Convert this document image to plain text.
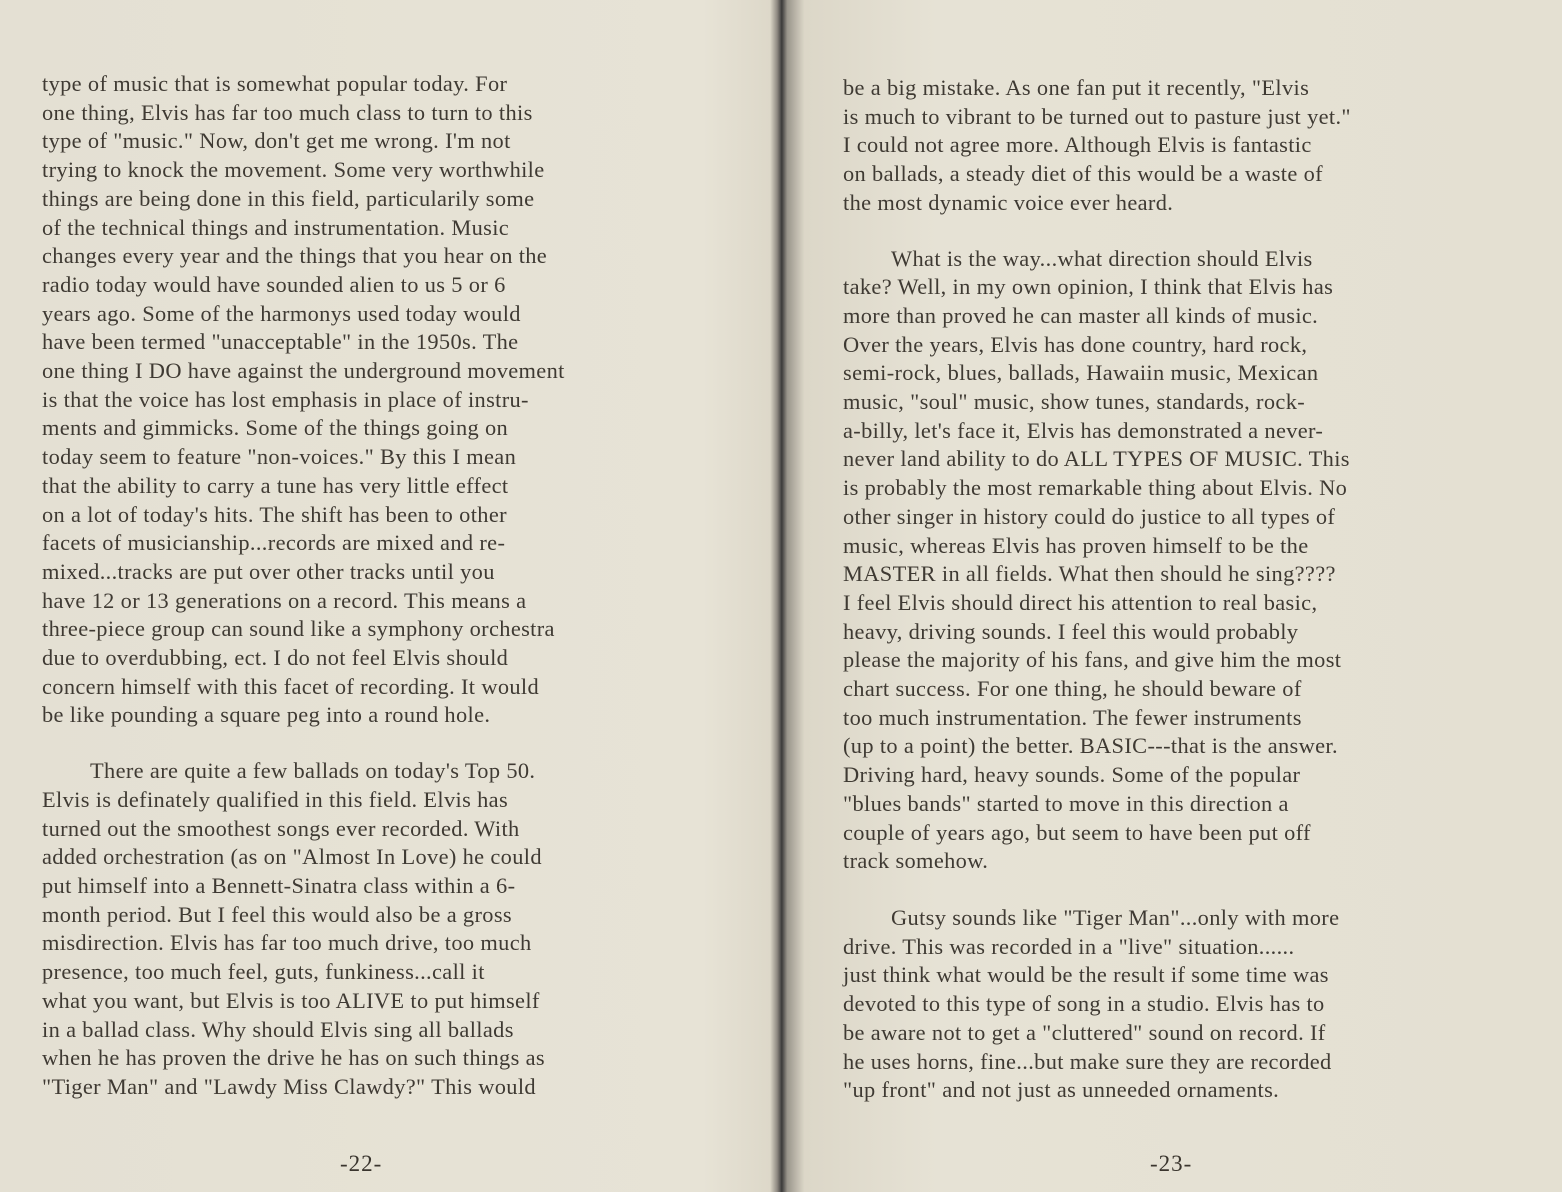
type of music that is somewhat popular today. For
one thing, Elvis has far too much class to turn to this
type of "music." Now, don't get me wrong. I'm not
trying to knock the movement. Some very worthwhile
things are being done in this field, particularily some
of the technical things and instrumentation. Music
changes every year and the things that you hear on the
radio today would have sounded alien to us 5 or 6
years ago. Some of the harmonys used today would
have been termed "unacceptable" in the 1950s. The
one thing I DO have against the underground movement
is that the voice has lost emphasis in place of instru-
ments and gimmicks. Some of the things going on
today seem to feature "non-voices." By this I mean
that the ability to carry a tune has very little effect
on a lot of today's hits. The shift has been to other
facets of musicianship...records are mixed and re-
mixed...tracks are put over other tracks until you
have 12 or 13 generations on a record. This means a
three-piece group can sound like a symphony orchestra
due to overdubbing, ect. I do not feel Elvis should
concern himself with this facet of recording. It would
be like pounding a square peg into a round hole.
There are quite a few ballads on today's Top 50.
Elvis is definately qualified in this field. Elvis has
turned out the smoothest songs ever recorded. With
added orchestration (as on "Almost In Love) he could
put himself into a Bennett-Sinatra class within a 6-
month period. But I feel this would also be a gross
misdirection. Elvis has far too much drive, too much
presence, too much feel, guts, funkiness...call it
what you want, but Elvis is too ALIVE to put himself
in a ballad class. Why should Elvis sing all ballads
when he has proven the drive he has on such things as
"Tiger Man" and "Lawdy Miss Clawdy?" This would
-22-
be a big mistake. As one fan put it recently, "Elvis
is much to vibrant to be turned out to pasture just yet."
I could not agree more. Although Elvis is fantastic
on ballads, a steady diet of this would be a waste of
the most dynamic voice ever heard.
What is the way...what direction should Elvis
take? Well, in my own opinion, I think that Elvis has
more than proved he can master all kinds of music.
Over the years, Elvis has done country, hard rock,
semi-rock, blues, ballads, Hawaiin music, Mexican
music, "soul" music, show tunes, standards, rock-
a-billy, let's face it, Elvis has demonstrated a never-
never land ability to do ALL TYPES OF MUSIC. This
is probably the most remarkable thing about Elvis. No
other singer in history could do justice to all types of
music, whereas Elvis has proven himself to be the
MASTER in all fields. What then should he sing????
I feel Elvis should direct his attention to real basic,
heavy, driving sounds. I feel this would probably
please the majority of his fans, and give him the most
chart success. For one thing, he should beware of
too much instrumentation. The fewer instruments
(up to a point) the better. BASIC---that is the answer.
Driving hard, heavy sounds. Some of the popular
"blues bands" started to move in this direction a
couple of years ago, but seem to have been put off
track somehow.
Gutsy sounds like "Tiger Man"...only with more
drive. This was recorded in a "live" situation......
just think what would be the result if some time was
devoted to this type of song in a studio. Elvis has to
be aware not to get a "cluttered" sound on record. If
he uses horns, fine...but make sure they are recorded
"up front" and not just as unneeded ornaments.
-23-
